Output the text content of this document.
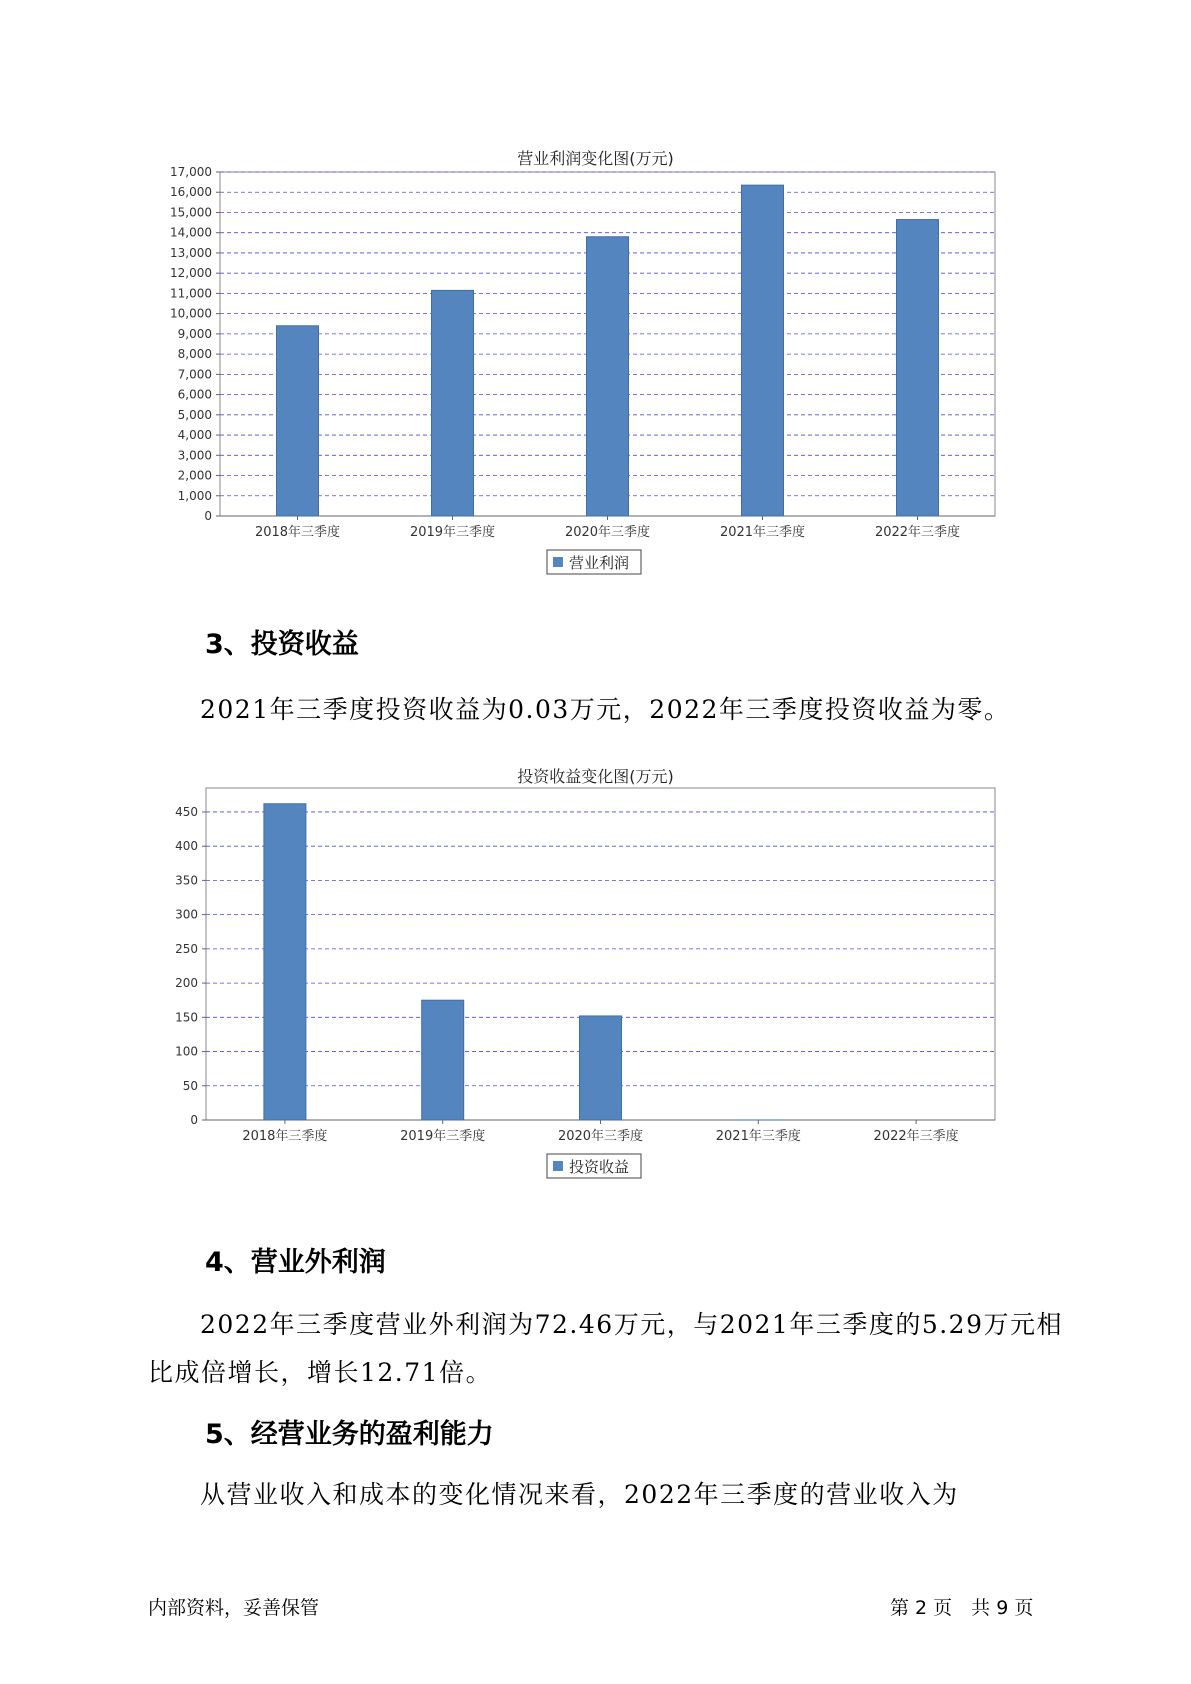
营业利润变化图(万元)
0
1,000
2,000
3,000
4,000
5,000
6,000
7,000
8,000
9,000
10,000
11,000
12,000
13,000
14,000
15,000
16,000
17,000
2018年三季度	2019年三季度	2020年三季度	2021年三季度	2022年三季度
营业利润
3、投资收益
2021年三季度投资收益为0.03万元，2022年三季度投资收益为零。
投资收益变化图(万元)
0
50
100
150
200
250
300
350
400
450
2018年三季度	2019年三季度	2020年三季度	2021年三季度	2022年三季度
投资收益
4、营业外利润
2022年三季度营业外利润为72.46万元，与2021年三季度的5.29万元相
比成倍增长，增长12.71倍。
5、经营业务的盈利能力
从营业收入和成本的变化情况来看，2022年三季度的营业收入为
内部资料，妥善保管	第 2 页　共 9 页
